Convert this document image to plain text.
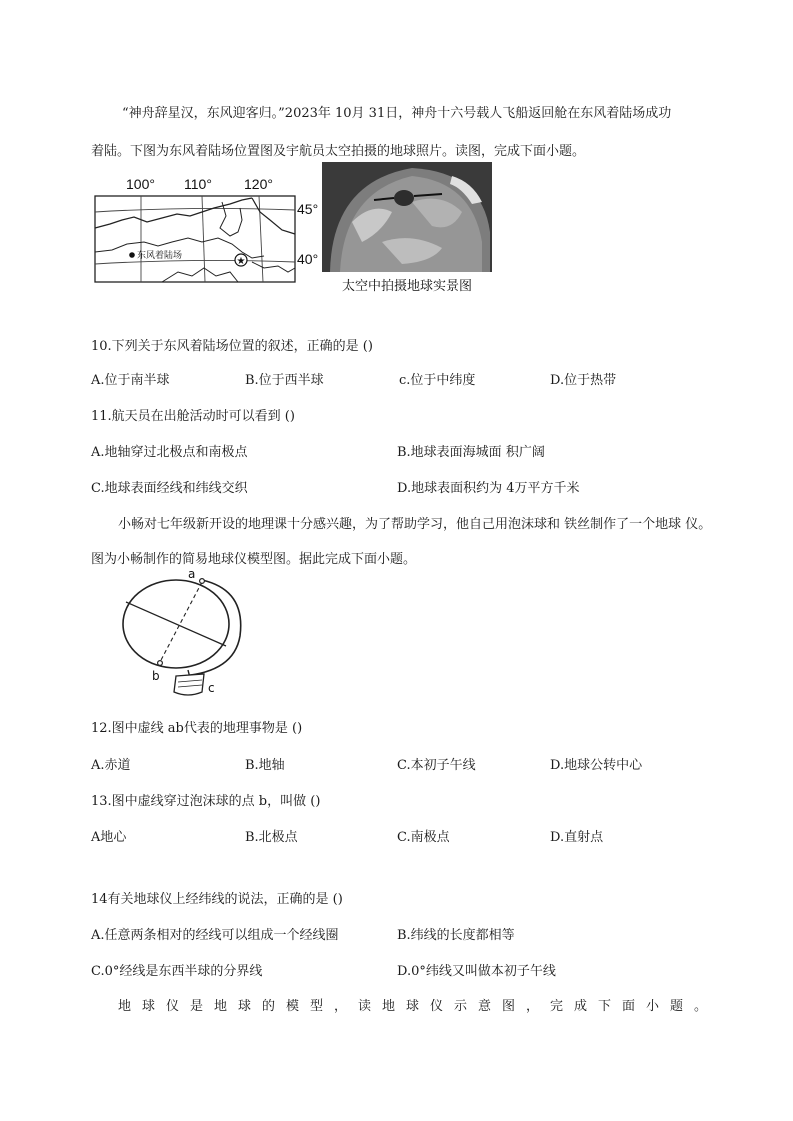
“神舟辞星汉，东风迎客归。”2023年 10月 31日，神舟十六号载人飞船返回舱在东风着陆场成功
着陆。下图为东风着陆场位置图及宇航员太空拍摄的地球照片。读图，完成下面小题。
★
100° 110° 120°
45°
40°
东风着陆场
太空中拍摄地球实景图
10.下列关于东风着陆场位置的叙述，正确的是 ()
A.位于南半球	B.位于西半球	c.位于中纬度	D.位于热带
11.航天员在出舱活动时可以看到 ()
A.地轴穿过北极点和南极点	B.地球表面海城面 积广阔
C.地球表面经线和纬线交织	D.地球表面积约为 4万平方千米
小畅对七年级新开设的地理课十分感兴趣，为了帮助学习，他自己用泡沫球和 铁丝制作了一个地球 仪。
图为小畅制作的简易地球仪模型图。据此完成下面小题。
a
b
c
12.图中虚线 ab代表的地理事物是 ()
A.赤道	B.地轴	C.本初子午线	D.地球公转中心
13.图中虚线穿过泡沫球的点 b，叫做 ()
A地心	B.北极点	C.南极点	D.直射点
14有关地球仪上经纬线的说法，正确的是 ()
A.任意两条相对的经线可以组成一个经线圈	B.纬线的长度都相等
C.0°经线是东西半球的分界线	D.0°纬线又叫做本初子午线
地球仪是地球的模型，读地球仪示意图，完成下面小题。
